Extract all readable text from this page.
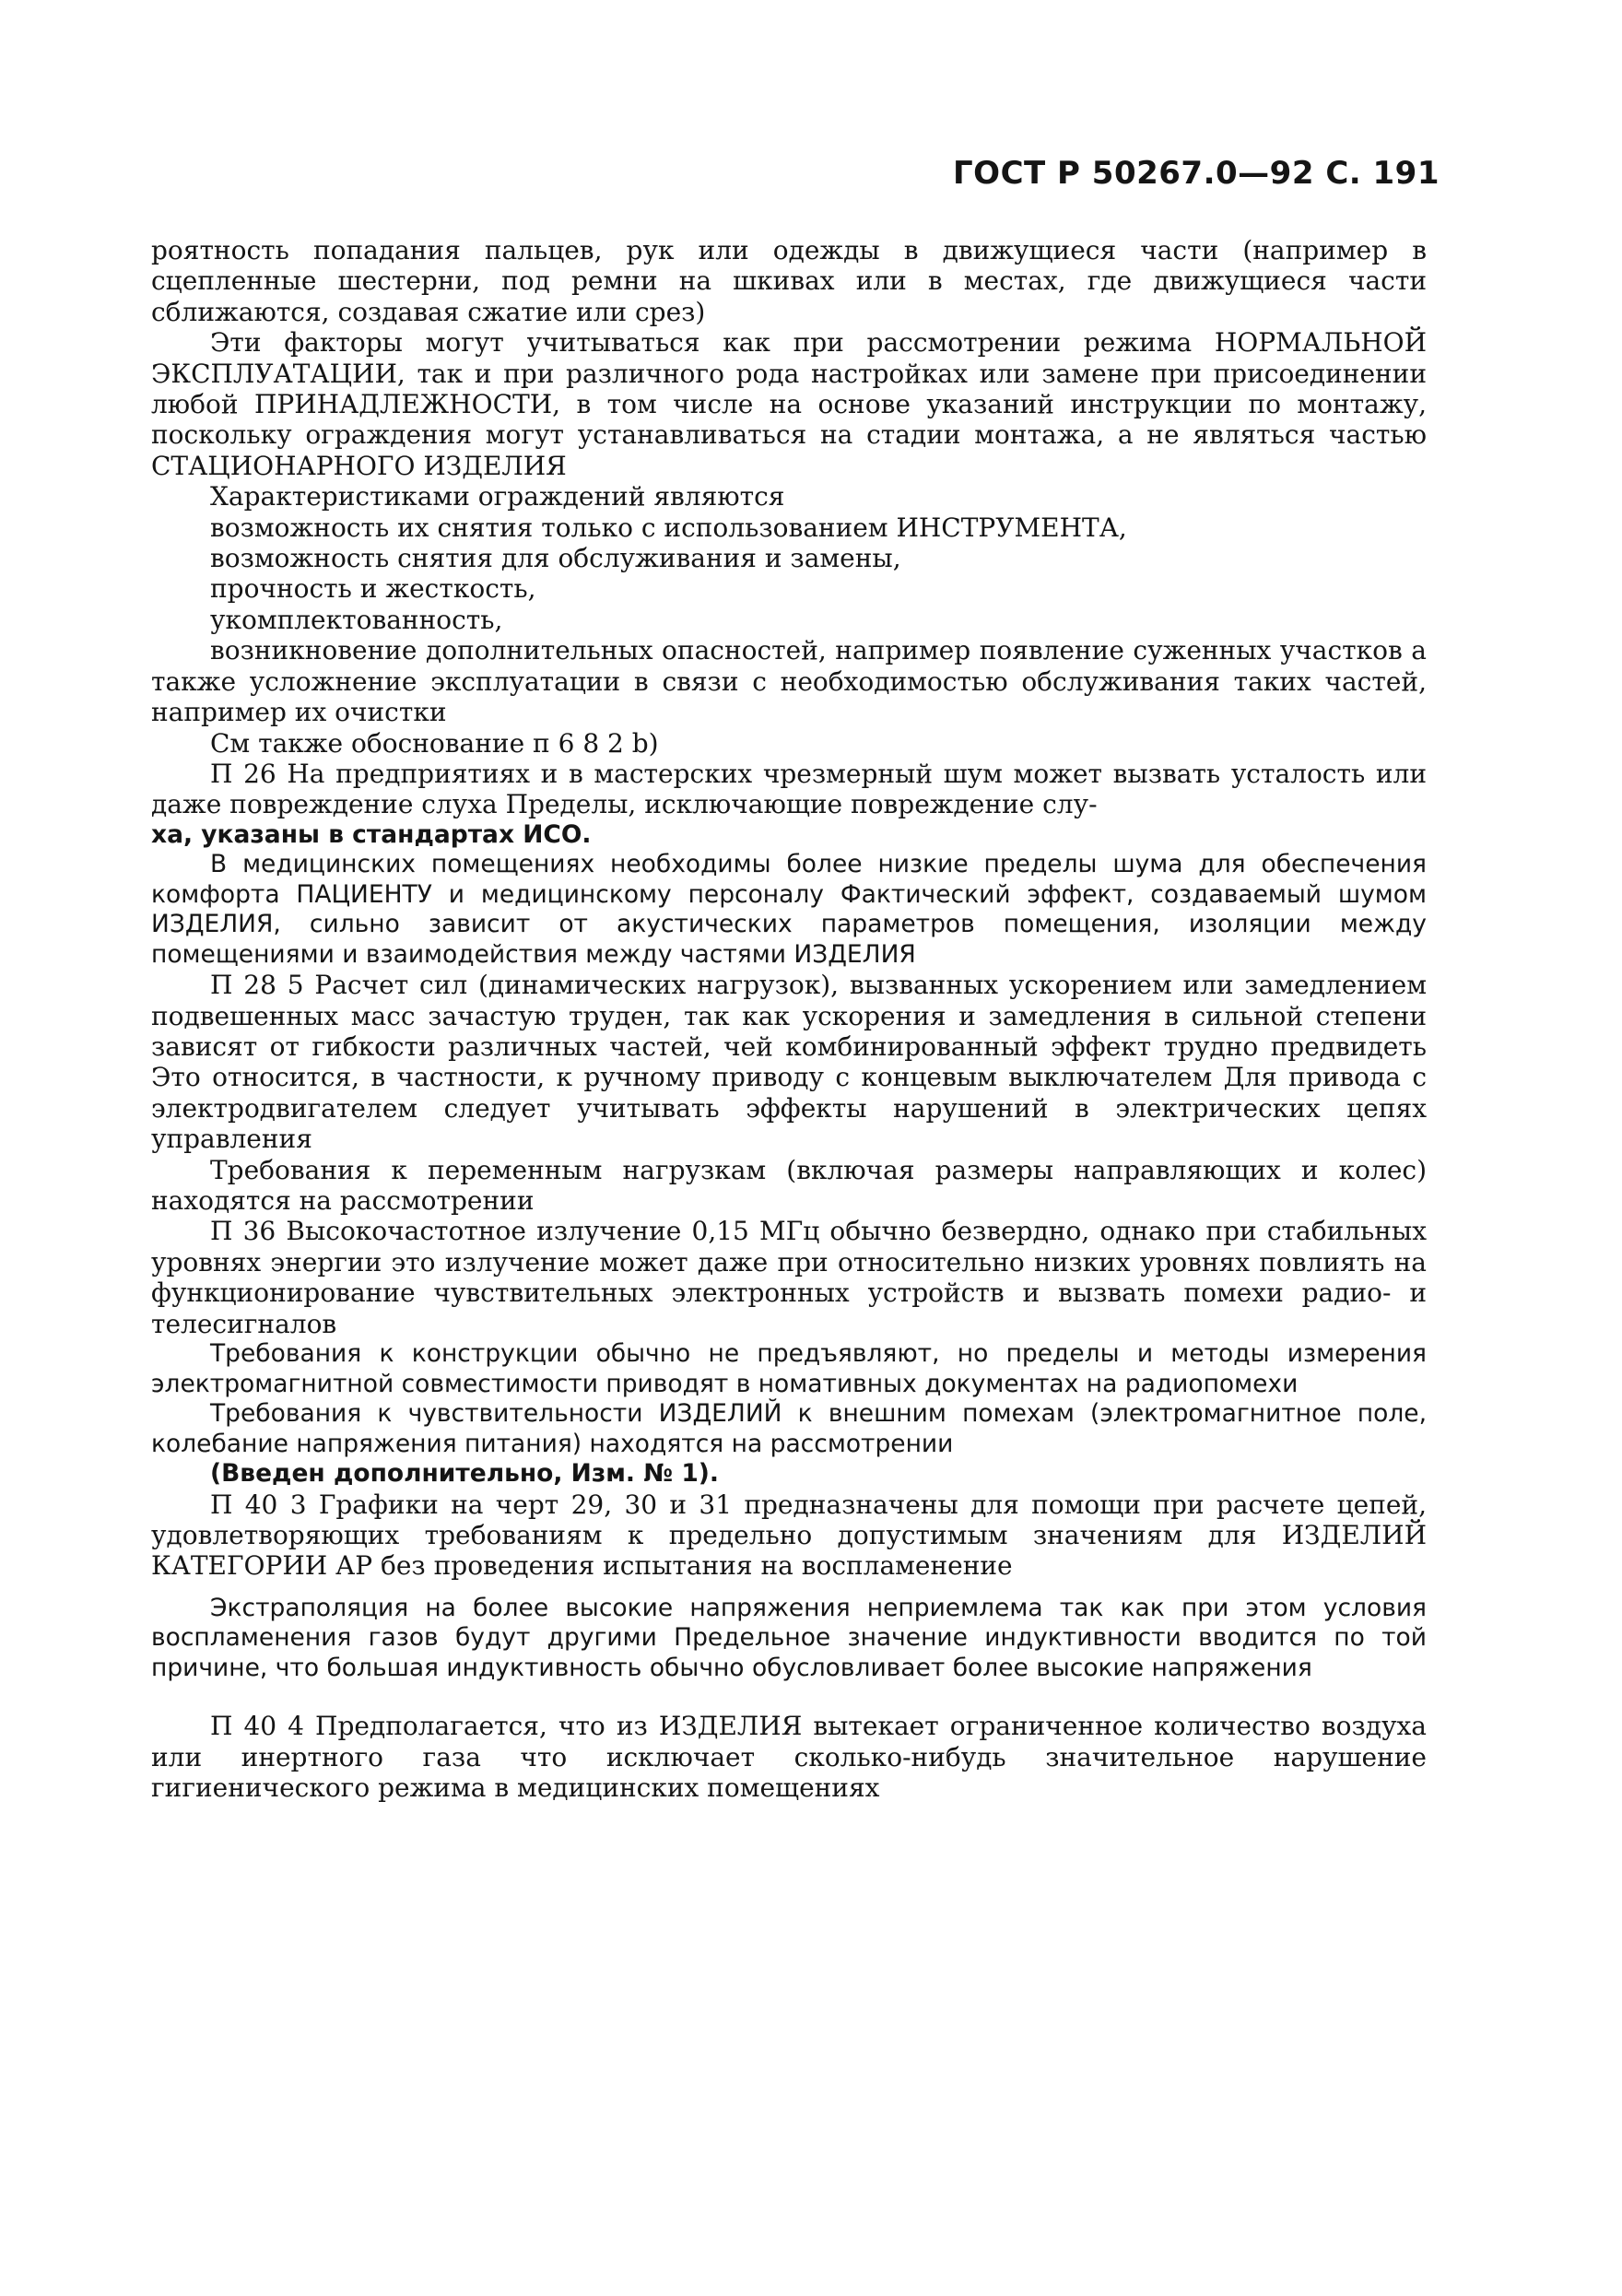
ГОСТ Р 50267.0—92 С. 191

роятность попадания пальцев, рук или одежды в движущиеся части (например в сцепленные шестерни, под ремни на шкивах или в местах, где движущиеся части сближаются, создавая сжатие или срез)

Эти факторы могут учитываться как при рассмотрении режима НОРМАЛЬНОЙ ЭКСПЛУАТАЦИИ, так и при различного рода настройках или замене при присоединении любой ПРИНАДЛЕЖНОСТИ, в том числе на основе указаний инструкции по монтажу, поскольку ограждения могут устанавливаться на стадии монтажа, а не являться частью СТАЦИОНАРНОГО ИЗДЕЛИЯ

Характеристиками ограждений являются

возможность их снятия только с использованием ИНСТРУМЕНТА,

возможность снятия для обслуживания и замены,

прочность и жесткость,

укомплектованность,

возникновение дополнительных опасностей, например появление суженных участков а также усложнение эксплуатации в связи с необходимостью обслуживания таких частей, например их очистки

См также обоснование п 6 8 2 b)

П 26 На предприятиях и в мастерских чрезмерный шум может вызвать усталость или даже повреждение слуха Пределы, исключающие повреждение слу-

ха, указаны в стандартах ИСО.

В медицинских помещениях необходимы более низкие пределы шума для обеспечения комфорта ПАЦИЕНТУ и медицинскому персоналу Фактический эффект, создаваемый шумом ИЗДЕЛИЯ, сильно зависит от акустических параметров помещения, изоляции между помещениями и взаимодействия между частями ИЗДЕЛИЯ

П 28 5 Расчет сил (динамических нагрузок), вызванных ускорением или замедлением подвешенных масс зачастую труден, так как ускорения и замедления в сильной степени зависят от гибкости различных частей, чей комбинированный эффект трудно предвидеть Это относится, в частности, к ручному приводу с концевым выключателем Для привода с электродвигателем следует учитывать эффекты нарушений в электрических цепях управления

Требования к переменным нагрузкам (включая размеры направляющих и колес) находятся на рассмотрении

П 36 Высокочастотное излучение 0,15 МГц обычно безвердно, однако при стабильных уровнях энергии это излучение может даже при относительно низких уровнях повлиять на функционирование чувствительных электронных устройств и вызвать помехи радио- и телесигналов

Требования к конструкции обычно не предъявляют, но пределы и методы измерения электромагнитной совместимости приводят в номативных документах на радиопомехи

Требования к чувствительности ИЗДЕЛИЙ к внешним помехам (электромагнитное поле, колебание напряжения питания) находятся на рассмотрении

(Введен дополнительно, Изм. № 1).

П 40 3 Графики на черт 29, 30 и 31 предназначены для помощи при расчете цепей, удовлетворяющих требованиям к предельно допустимым значениям для ИЗДЕЛИЙ КАТЕГОРИИ АР без проведения испытания на воспламенение

Экстраполяция на более высокие напряжения неприемлема так как при этом условия воспламенения газов будут другими Предельное значение индуктивности вводится по той причине, что большая индуктивность обычно обусловливает более высокие напряжения

П 40 4 Предполагается, что из ИЗДЕЛИЯ вытекает ограниченное количество воздуха или инертного газа что исключает сколько-нибудь значительное нарушение гигиенического режима в медицинских помещениях
